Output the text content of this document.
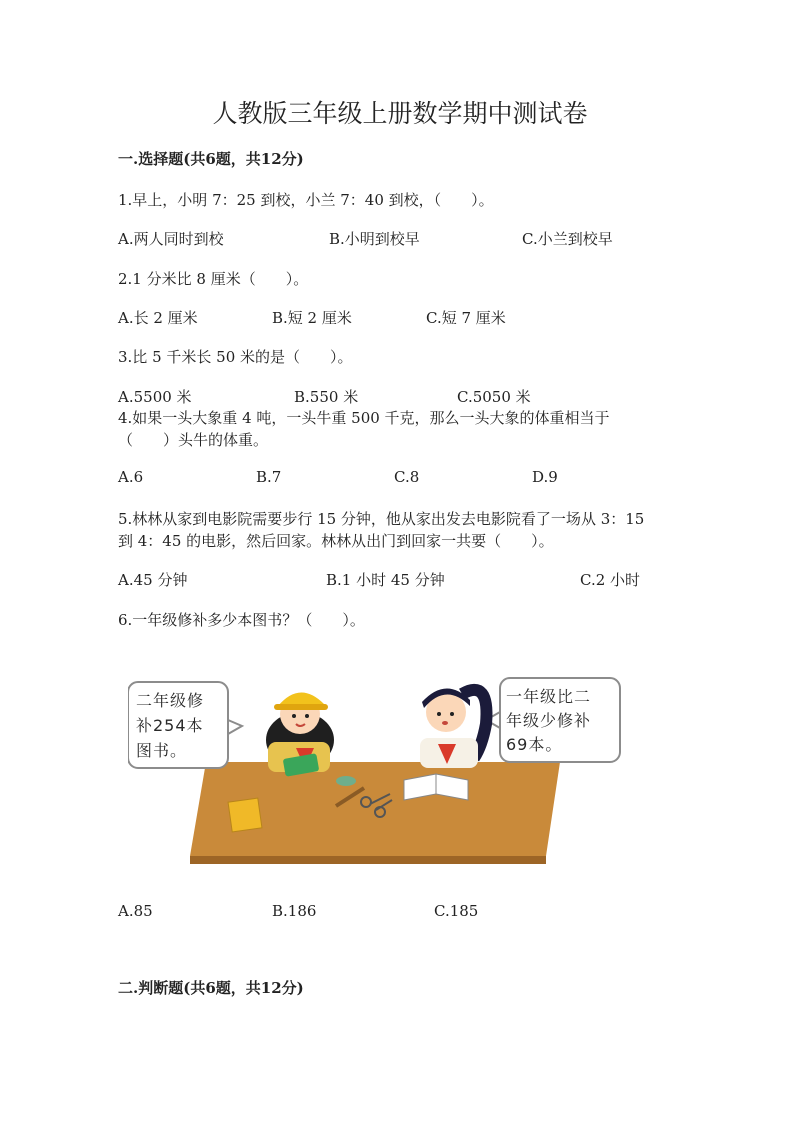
人教版三年级上册数学期中测试卷
一.选择题(共6题，共12分)
1.早上，小明 7：25 到校，小兰 7：40 到校，（　　）。
A.两人同时到校	B.小明到校早	C.小兰到校早
2.1 分米比 8 厘米（　　）。
A.长 2 厘米	B.短 2 厘米	C.短 7 厘米
3.比 5 千米长 50 米的是（　　）。
A.5500 米	B.550 米	C.5050 米
4.如果一头大象重 4 吨，一头牛重 500 千克，那么一头大象的体重相当于
（　　）头牛的体重。
A.6	B.7	C.8	D.9
5.林林从家到电影院需要步行 15 分钟，他从家出发去电影院看了一场从 3：15
到 4：45 的电影，然后回家。林林从出门到回家一共要（　　）。
A.45 分钟	B.1 小时 45 分钟	C.2 小时
6.一年级修补多少本图书？（　　）。
二年级修
补254本
图书。
一年级比二
年级少修补
69本。
A.85	B.186	C.185
二.判断题(共6题，共12分)
